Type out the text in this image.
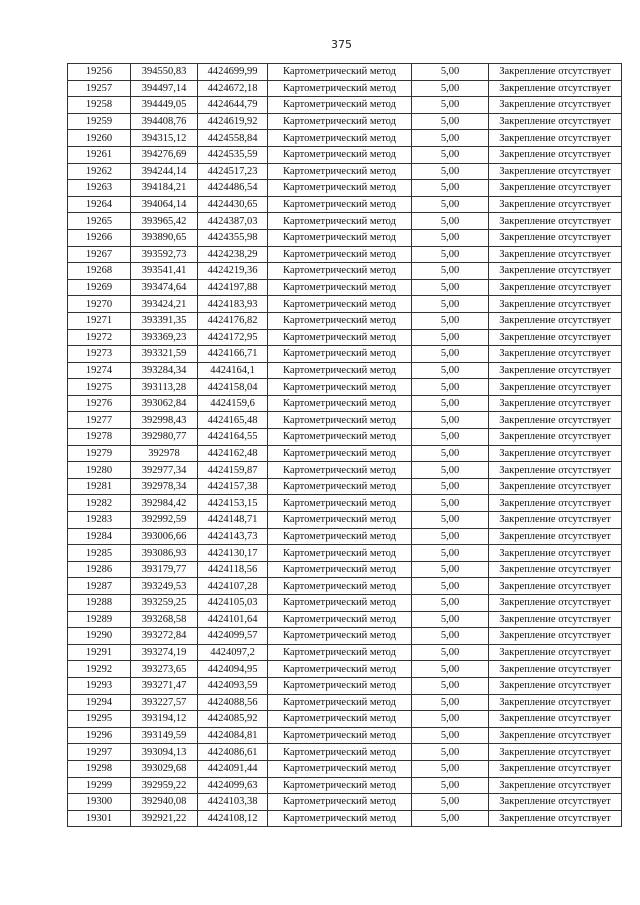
375
19256	394550,83	4424699,99	Картометрический метод	5,00	Закрепление отсутствует
19257	394497,14	4424672,18	Картометрический метод	5,00	Закрепление отсутствует
19258	394449,05	4424644,79	Картометрический метод	5,00	Закрепление отсутствует
19259	394408,76	4424619,92	Картометрический метод	5,00	Закрепление отсутствует
19260	394315,12	4424558,84	Картометрический метод	5,00	Закрепление отсутствует
19261	394276,69	4424535,59	Картометрический метод	5,00	Закрепление отсутствует
19262	394244,14	4424517,23	Картометрический метод	5,00	Закрепление отсутствует
19263	394184,21	4424486,54	Картометрический метод	5,00	Закрепление отсутствует
19264	394064,14	4424430,65	Картометрический метод	5,00	Закрепление отсутствует
19265	393965,42	4424387,03	Картометрический метод	5,00	Закрепление отсутствует
19266	393890,65	4424355,98	Картометрический метод	5,00	Закрепление отсутствует
19267	393592,73	4424238,29	Картометрический метод	5,00	Закрепление отсутствует
19268	393541,41	4424219,36	Картометрический метод	5,00	Закрепление отсутствует
19269	393474,64	4424197,88	Картометрический метод	5,00	Закрепление отсутствует
19270	393424,21	4424183,93	Картометрический метод	5,00	Закрепление отсутствует
19271	393391,35	4424176,82	Картометрический метод	5,00	Закрепление отсутствует
19272	393369,23	4424172,95	Картометрический метод	5,00	Закрепление отсутствует
19273	393321,59	4424166,71	Картометрический метод	5,00	Закрепление отсутствует
19274	393284,34	4424164,1	Картометрический метод	5,00	Закрепление отсутствует
19275	393113,28	4424158,04	Картометрический метод	5,00	Закрепление отсутствует
19276	393062,84	4424159,6	Картометрический метод	5,00	Закрепление отсутствует
19277	392998,43	4424165,48	Картометрический метод	5,00	Закрепление отсутствует
19278	392980,77	4424164,55	Картометрический метод	5,00	Закрепление отсутствует
19279	392978	4424162,48	Картометрический метод	5,00	Закрепление отсутствует
19280	392977,34	4424159,87	Картометрический метод	5,00	Закрепление отсутствует
19281	392978,34	4424157,38	Картометрический метод	5,00	Закрепление отсутствует
19282	392984,42	4424153,15	Картометрический метод	5,00	Закрепление отсутствует
19283	392992,59	4424148,71	Картометрический метод	5,00	Закрепление отсутствует
19284	393006,66	4424143,73	Картометрический метод	5,00	Закрепление отсутствует
19285	393086,93	4424130,17	Картометрический метод	5,00	Закрепление отсутствует
19286	393179,77	4424118,56	Картометрический метод	5,00	Закрепление отсутствует
19287	393249,53	4424107,28	Картометрический метод	5,00	Закрепление отсутствует
19288	393259,25	4424105,03	Картометрический метод	5,00	Закрепление отсутствует
19289	393268,58	4424101,64	Картометрический метод	5,00	Закрепление отсутствует
19290	393272,84	4424099,57	Картометрический метод	5,00	Закрепление отсутствует
19291	393274,19	4424097,2	Картометрический метод	5,00	Закрепление отсутствует
19292	393273,65	4424094,95	Картометрический метод	5,00	Закрепление отсутствует
19293	393271,47	4424093,59	Картометрический метод	5,00	Закрепление отсутствует
19294	393227,57	4424088,56	Картометрический метод	5,00	Закрепление отсутствует
19295	393194,12	4424085,92	Картометрический метод	5,00	Закрепление отсутствует
19296	393149,59	4424084,81	Картометрический метод	5,00	Закрепление отсутствует
19297	393094,13	4424086,61	Картометрический метод	5,00	Закрепление отсутствует
19298	393029,68	4424091,44	Картометрический метод	5,00	Закрепление отсутствует
19299	392959,22	4424099,63	Картометрический метод	5,00	Закрепление отсутствует
19300	392940,08	4424103,38	Картометрический метод	5,00	Закрепление отсутствует
19301	392921,22	4424108,12	Картометрический метод	5,00	Закрепление отсутствует
